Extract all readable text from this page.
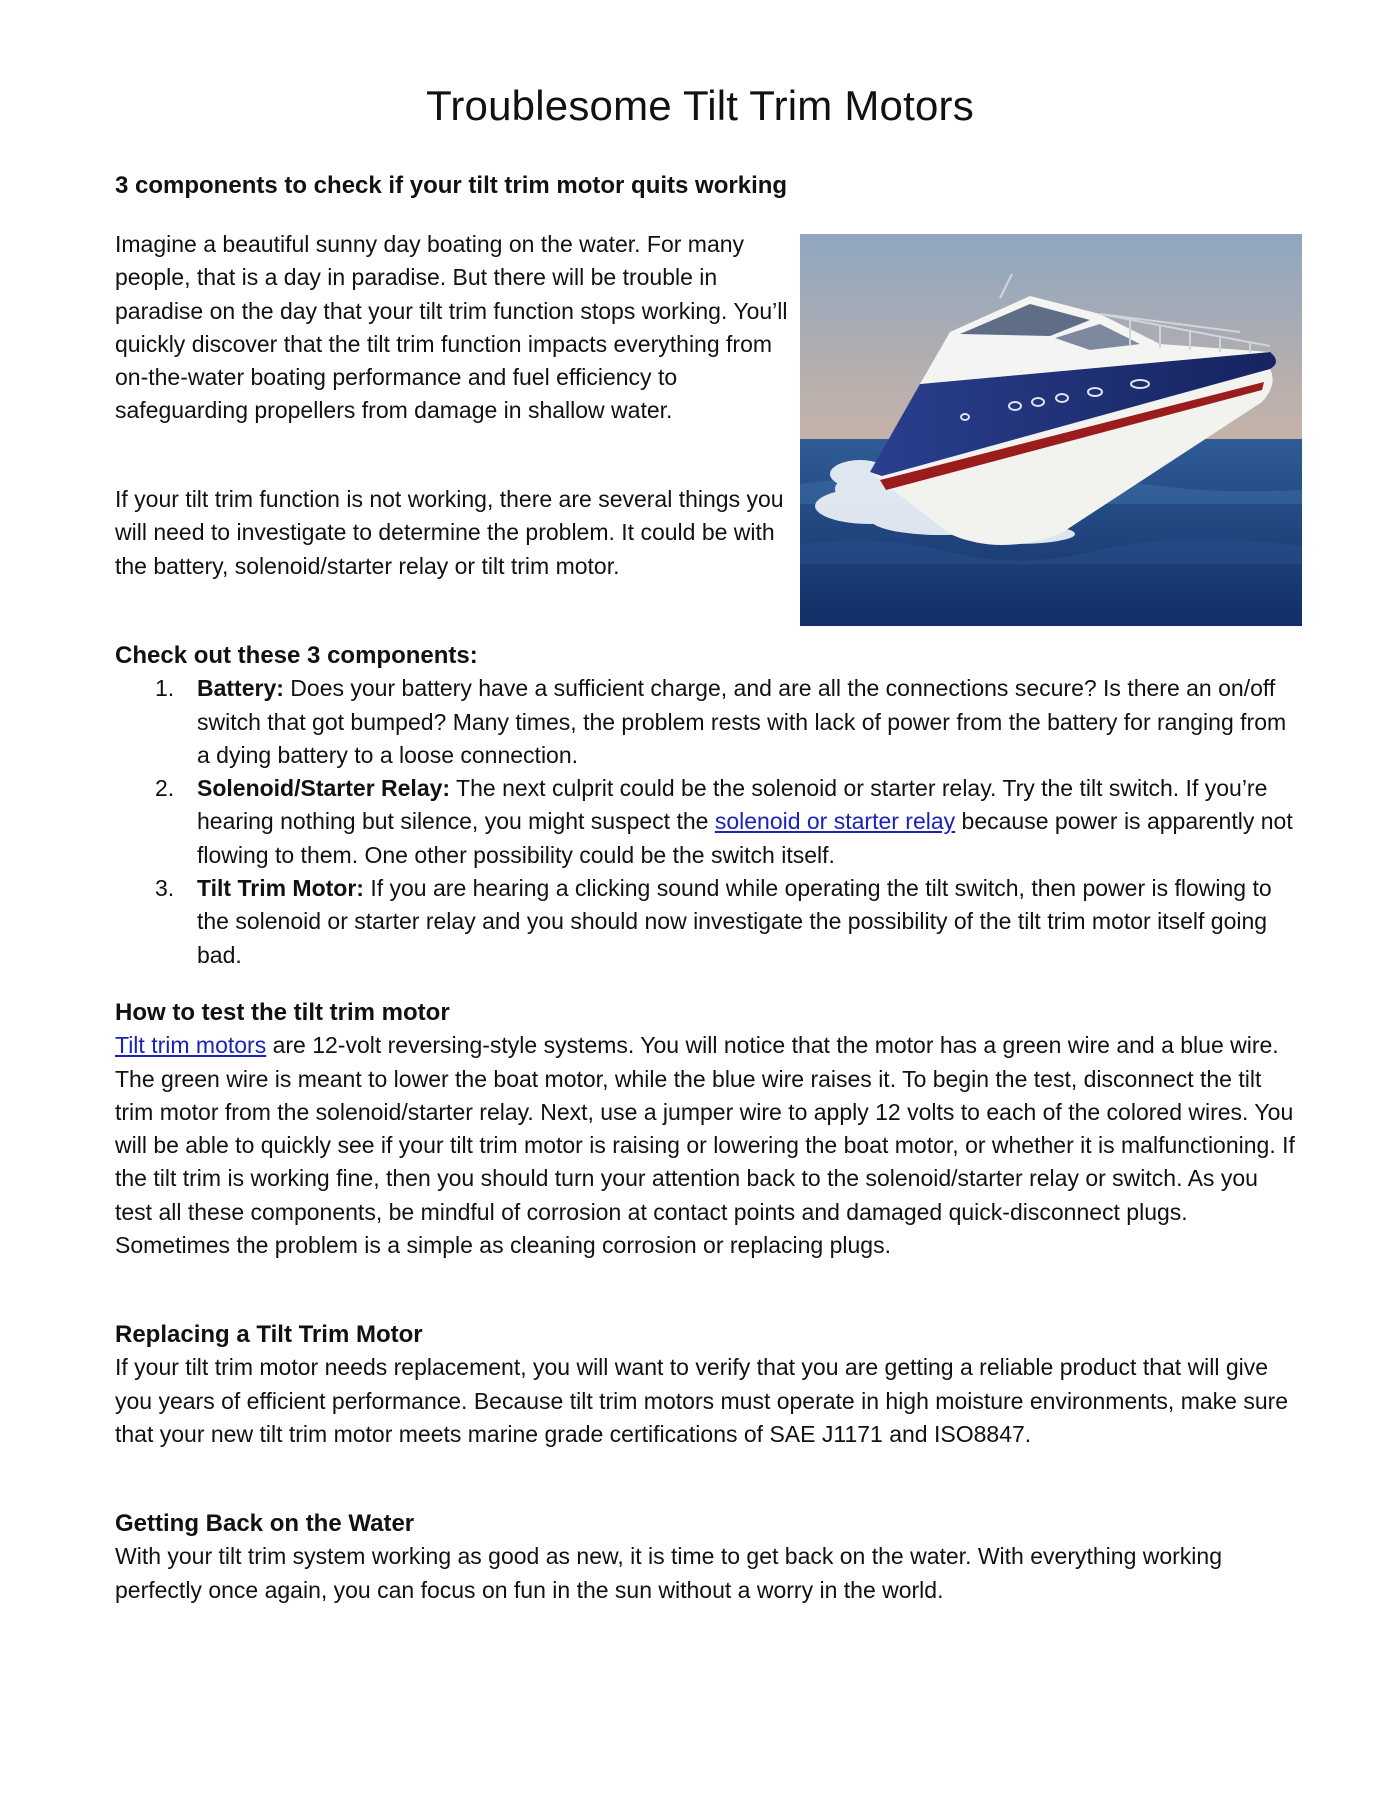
Troublesome Tilt Trim Motors

3 components to check if your tilt trim motor quits working

Imagine a beautiful sunny day boating on the water. For many people, that is a day in paradise. But there will be trouble in paradise on the day that your tilt trim function stops working. You’ll quickly discover that the tilt trim function impacts everything from on-the-water boating performance and fuel efficiency to safeguarding propellers from damage in shallow water.

If your tilt trim function is not working, there are several things you will need to investigate to determine the problem. It could be with the battery, solenoid/starter relay or tilt trim motor.

Check out these 3 components:
1. Battery: Does your battery have a sufficient charge, and are all the connections secure? Is there an on/off switch that got bumped? Many times, the problem rests with lack of power from the battery for ranging from a dying battery to a loose connection.
2. Solenoid/Starter Relay: The next culprit could be the solenoid or starter relay. Try the tilt switch. If you’re hearing nothing but silence, you might suspect the solenoid or starter relay because power is apparently not flowing to them. One other possibility could be the switch itself.
3. Tilt Trim Motor: If you are hearing a clicking sound while operating the tilt switch, then power is flowing to the solenoid or starter relay and you should now investigate the possibility of the tilt trim motor itself going bad.
How to test the tilt trim motor

Tilt trim motors are 12-volt reversing-style systems. You will notice that the motor has a green wire and a blue wire. The green wire is meant to lower the boat motor, while the blue wire raises it. To begin the test, disconnect the tilt trim motor from the solenoid/starter relay. Next, use a jumper wire to apply 12 volts to each of the colored wires. You will be able to quickly see if your tilt trim motor is raising or lowering the boat motor, or whether it is malfunctioning. If the tilt trim is working fine, then you should turn your attention back to the solenoid/starter relay or switch. As you test all these components, be mindful of corrosion at contact points and damaged quick-disconnect plugs. Sometimes the problem is a simple as cleaning corrosion or replacing plugs.

Replacing a Tilt Trim Motor

If your tilt trim motor needs replacement, you will want to verify that you are getting a reliable product that will give you years of efficient performance. Because tilt trim motors must operate in high moisture environments, make sure that your new tilt trim motor meets marine grade certifications of SAE J1171 and ISO8847.

Getting Back on the Water

With your tilt trim system working as good as new, it is time to get back on the water. With everything working perfectly once again, you can focus on fun in the sun without a worry in the world.
